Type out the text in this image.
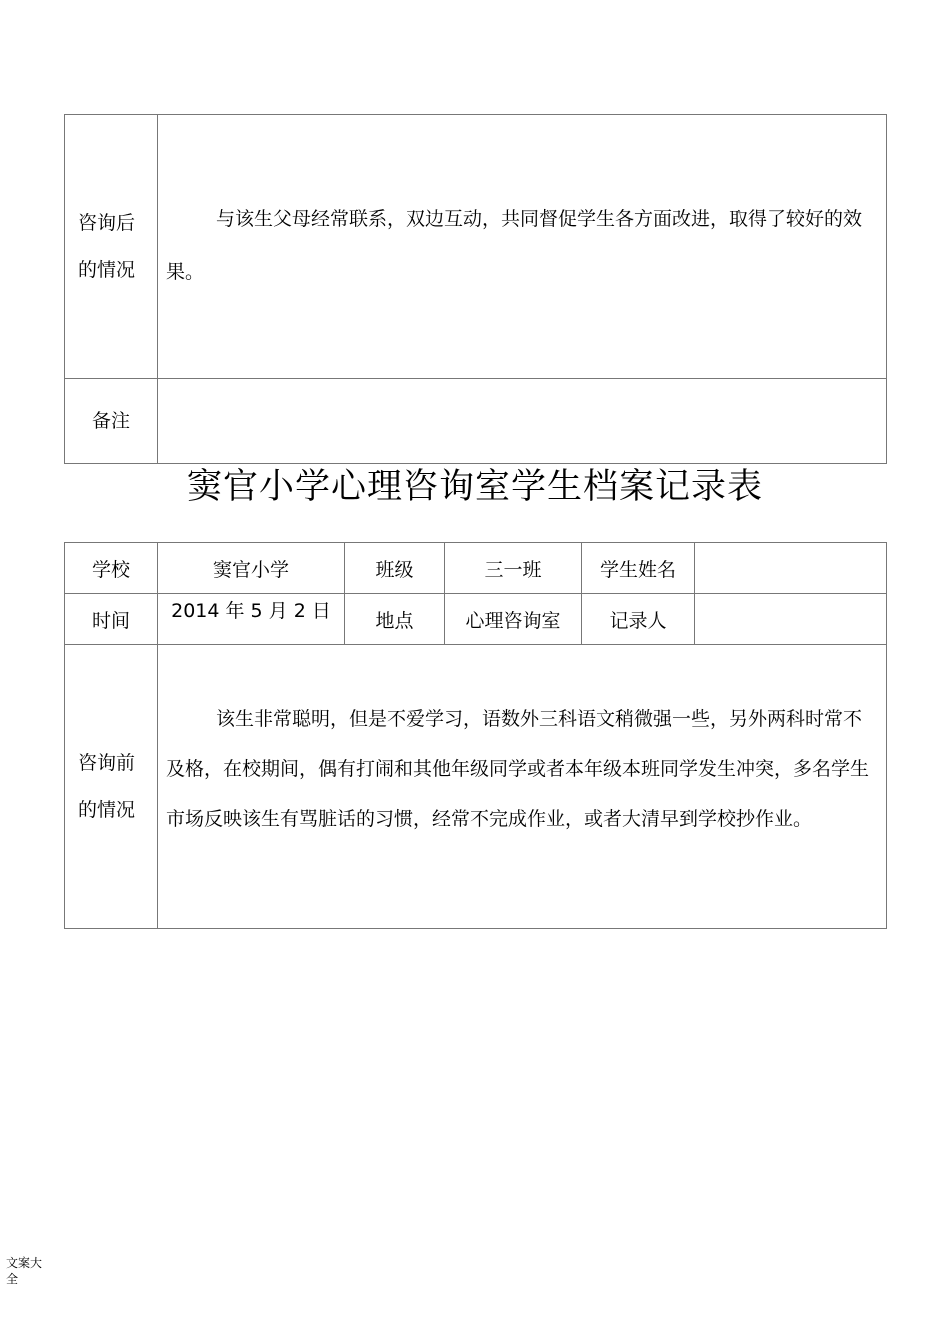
咨询后的情况	与该生父母经常联系，双边互动，共同督促学生各方面改进，取得了较好的效果。

备注	
窦官小学心理咨询室学生档案记录表
学校	窦官小学	班级	三一班	学生姓名	
时间	2014 年 5 月 2 日	地点	心理咨询室	记录人	

咨询前的情况	该生非常聪明，但是不爱学习，语数外三科语文稍微强一些，另外两科时常不及格，在校期间，偶有打闹和其他年级同学或者本年级本班同学发生冲突，多名学生市场反映该生有骂脏话的习惯，经常不完成作业，或者大清早到学校抄作业。				
文案大全
